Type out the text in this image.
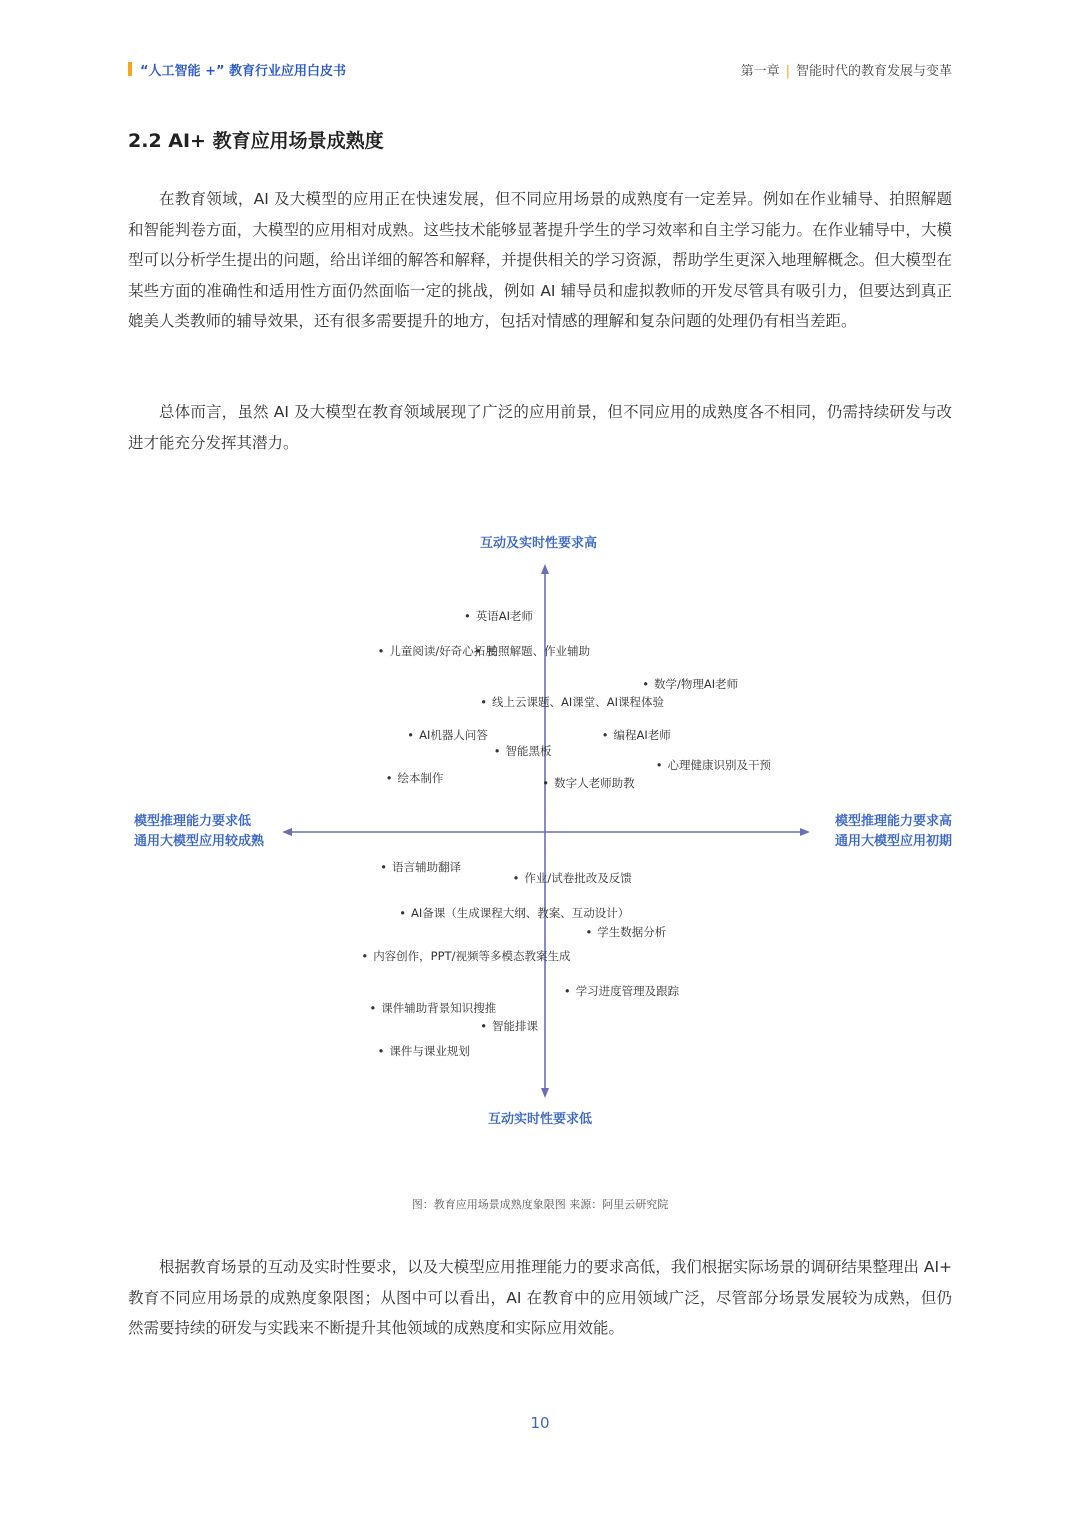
“人工智能 +” 教育行业应用白皮书	第一章 | 智能时代的教育发展与变革
2.2 AI+ 教育应用场景成熟度

在教育领域，AI 及大模型的应用正在快速发展，但不同应用场景的成熟度有一定差异。例如在作业辅导、拍照解题和智能判卷方面，大模型的应用相对成熟。这些技术能够显著提升学生的学习效率和自主学习能力。在作业辅导中，大模型可以分析学生提出的问题，给出详细的解答和解释，并提供相关的学习资源，帮助学生更深入地理解概念。但大模型在某些方面的准确性和适用性方面仍然面临一定的挑战，例如 AI 辅导员和虚拟教师的开发尽管具有吸引力，但要达到真正媲美人类教师的辅导效果，还有很多需要提升的地方，包括对情感的理解和复杂问题的处理仍有相当差距。

总体而言，虽然 AI 及大模型在教育领域展现了广泛的应用前景，但不同应用的成熟度各不相同，仍需持续研发与改进才能充分发挥其潜力。

互动及实时性要求高
互动实时性要求低
模型推理能力要求低
通用大模型应用较成熟
模型推理能力要求高
通用大模型应用初期
• 英语AI老师
• 儿童阅读/好奇心拓展
• 拍照解题、作业辅助
• 数学/物理AI老师
• 线上云课题、AI课堂、AI课程体验
• AI机器人问答	• 编程AI老师
• 智能黑板
• 心理健康识别及干预
• 绘本制作	• 数字人老师助教
• 语言辅助翻译
• 作业/试卷批改及反馈
• AI备课（生成课程大纲、教案、互动设计）
• 学生数据分析
• 内容创作，PPT/视频等多模态教案生成
• 学习进度管理及跟踪
• 课件辅助背景知识搜推
• 智能排课
• 课件与课业规划
图：教育应用场景成熟度象限图 来源：阿里云研究院

根据教育场景的互动及实时性要求，以及大模型应用推理能力的要求高低，我们根据实际场景的调研结果整理出 AI+ 教育不同应用场景的成熟度象限图；从图中可以看出，AI 在教育中的应用领域广泛，尽管部分场景发展较为成熟，但仍然需要持续的研发与实践来不断提升其他领域的成熟度和实际应用效能。

10
